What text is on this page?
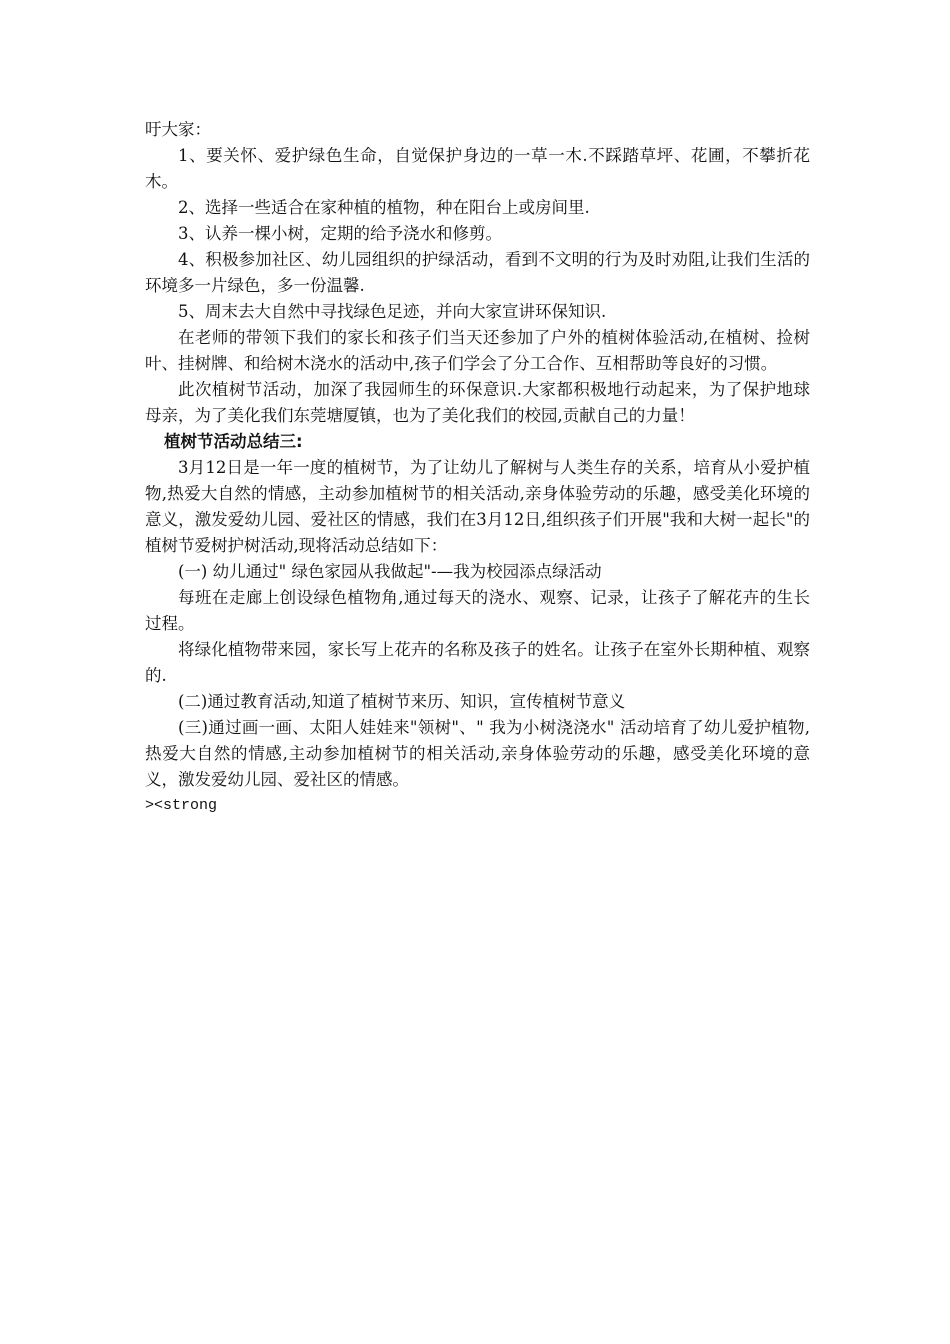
吁大家：

1、要关怀、爱护绿色生命，自觉保护身边的一草一木.不踩踏草坪、花圃，不攀折花木。

2、选择一些适合在家种植的植物，种在阳台上或房间里.

3、认养一棵小树，定期的给予浇水和修剪。

4、积极参加社区、幼儿园组织的护绿活动，看到不文明的行为及时劝阻,让我们生活的环境多一片绿色，多一份温馨.

5、周末去大自然中寻找绿色足迹，并向大家宣讲环保知识.

在老师的带领下我们的家长和孩子们当天还参加了户外的植树体验活动,在植树、捡树叶、挂树牌、和给树木浇水的活动中,孩子们学会了分工合作、互相帮助等良好的习惯。

此次植树节活动，加深了我园师生的环保意识.大家都积极地行动起来，为了保护地球母亲，为了美化我们东莞塘厦镇，也为了美化我们的校园,贡献自己的力量！

植树节活动总结三:

3月12日是一年一度的植树节，为了让幼儿了解树与人类生存的关系，培育从小爱护植物,热爱大自然的情感，主动参加植树节的相关活动,亲身体验劳动的乐趣，感受美化环境的意义，激发爱幼儿园、爱社区的情感，我们在3月12日,组织孩子们开展"我和大树一起长"的植树节爱树护树活动,现将活动总结如下：

(一) 幼儿通过" 绿色家园从我做起"-—我为校园添点绿活动

每班在走廊上创设绿色植物角,通过每天的浇水、观察、记录，让孩子了解花卉的生长过程。

将绿化植物带来园，家长写上花卉的名称及孩子的姓名。让孩子在室外长期种植、观察的.

(二)通过教育活动,知道了植树节来历、知识，宣传植树节意义

(三)通过画一画、太阳人娃娃来"领树"、" 我为小树浇浇水" 活动培育了幼儿爱护植物,热爱大自然的情感,主动参加植树节的相关活动,亲身体验劳动的乐趣，感受美化环境的意义，激发爱幼儿园、爱社区的情感。

><strong
